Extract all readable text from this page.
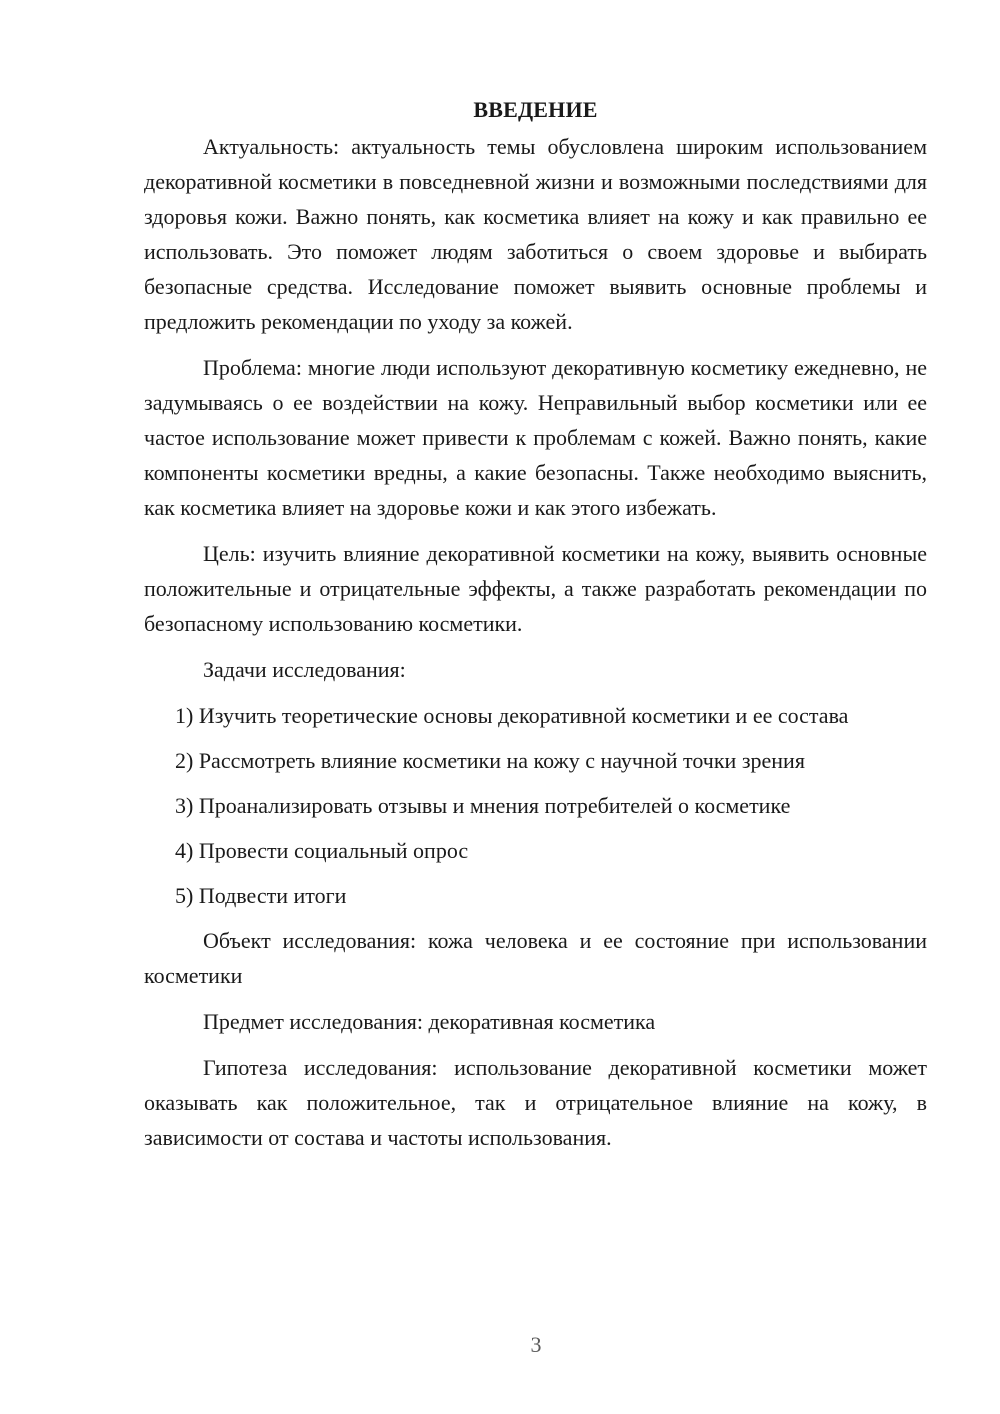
ВВЕДЕНИЕ

Актуальность: актуальность темы обусловлена широким использованием декоративной косметики в повседневной жизни и возможными последствиями для здоровья кожи. Важно понять, как косметика влияет на кожу и как правильно ее использовать. Это поможет людям заботиться о своем здоровье и выбирать безопасные средства. Исследование поможет выявить основные проблемы и предложить рекомендации по уходу за кожей.

Проблема: многие люди используют декоративную косметику ежедневно, не задумываясь о ее воздействии на кожу. Неправильный выбор косметики или ее частое использование может привести к проблемам с кожей. Важно понять, какие компоненты косметики вредны, а какие безопасны. Также необходимо выяснить, как косметика влияет на здоровье кожи и как этого избежать.

Цель: изучить влияние декоративной косметики на кожу, выявить основные положительные и отрицательные эффекты, а также разработать рекомендации по безопасному использованию косметики.

Задачи исследования:

1) Изучить теоретические основы декоративной косметики и ее состава

2) Рассмотреть влияние косметики на кожу с научной точки зрения

3) Проанализировать отзывы и мнения потребителей о косметике

4) Провести социальный опрос

5) Подвести итоги

Объект исследования: кожа человека и ее состояние при использовании косметики

Предмет исследования: декоративная косметика

Гипотеза исследования: использование декоративной косметики может оказывать как положительное, так и отрицательное влияние на кожу, в зависимости от состава и частоты использования.

3
